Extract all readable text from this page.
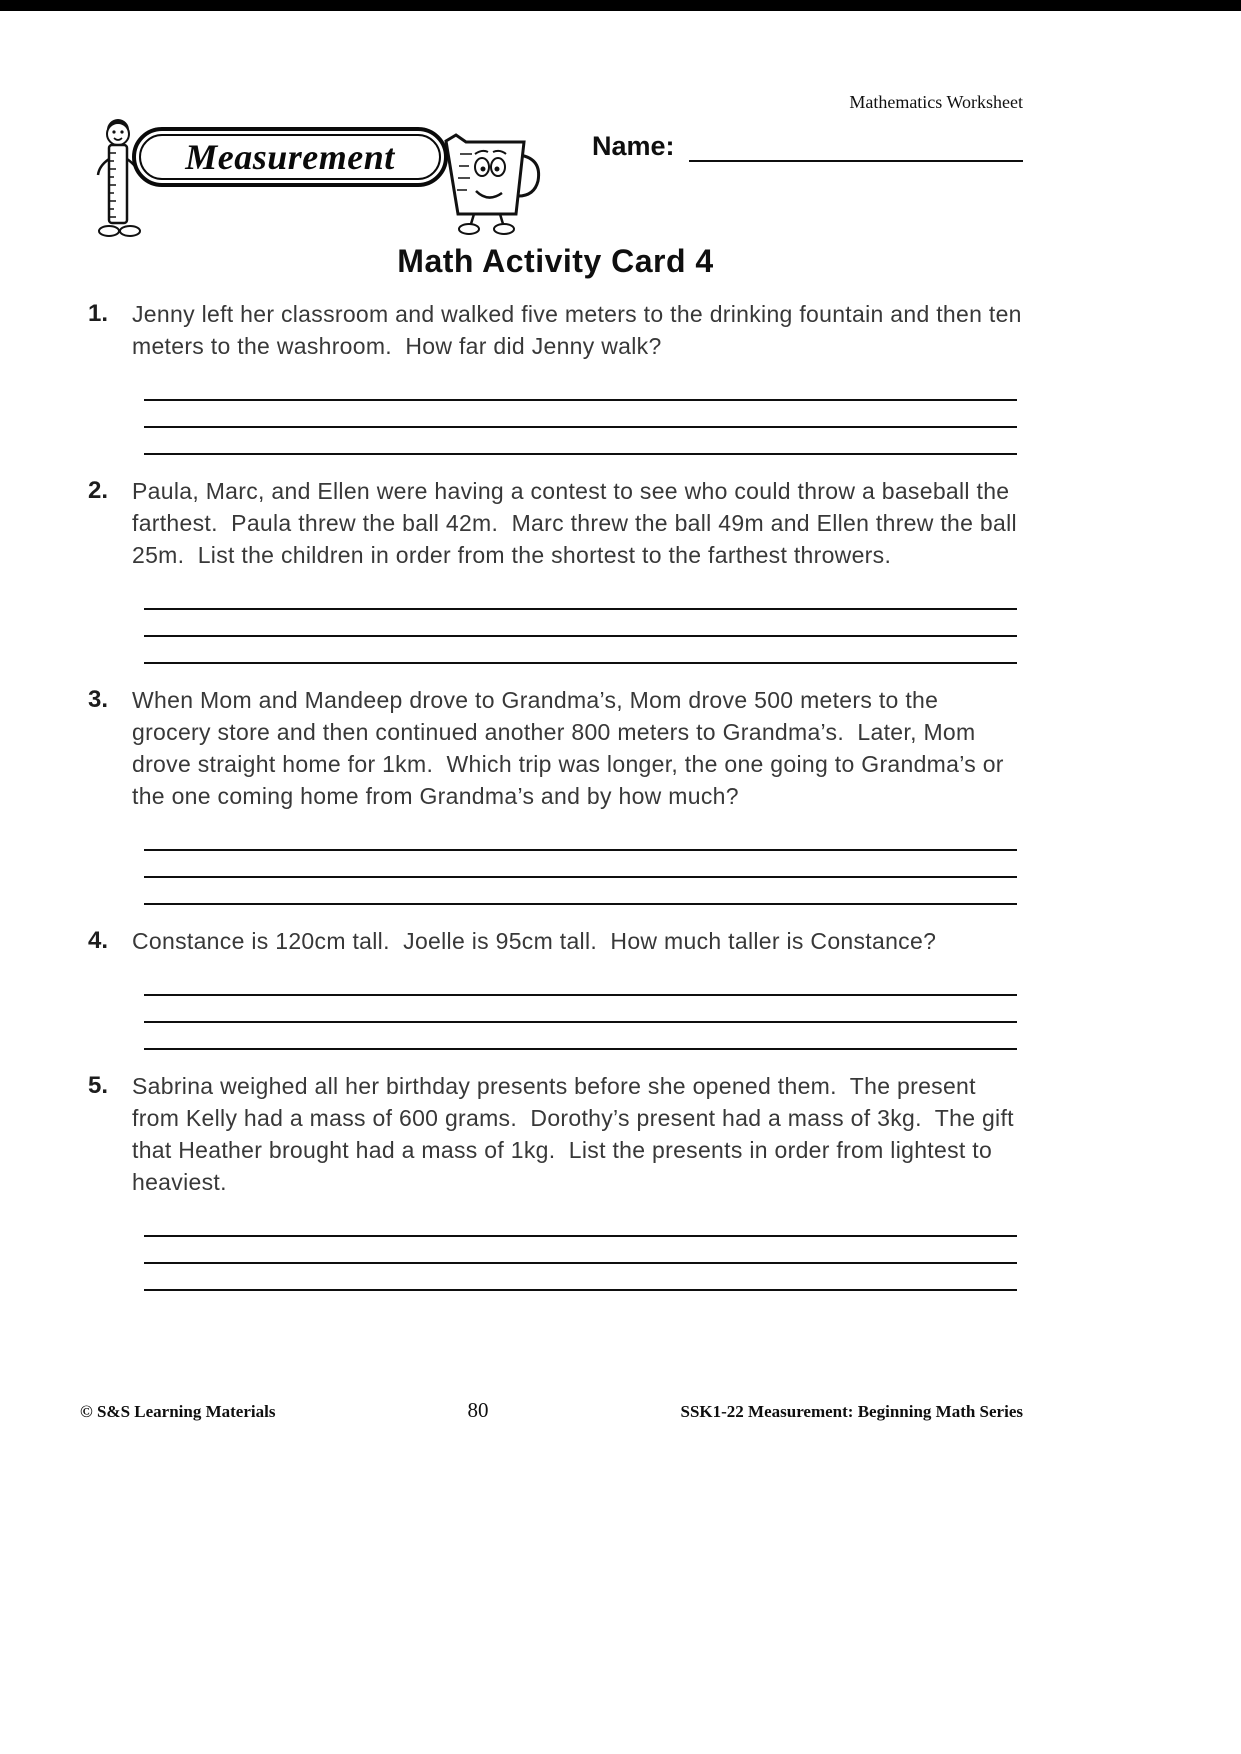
Mathematics Worksheet
Measurement	Name:
Math Activity Card 4
1.	Jenny left her classroom and walked five meters to the drinking fountain and then ten meters to the washroom.  How far did Jenny walk?
2.	Paula, Marc, and Ellen were having a contest to see who could throw a baseball the farthest.  Paula threw the ball 42m.  Marc threw the ball 49m and Ellen threw the ball 25m.  List the children in order from the shortest to the farthest throwers.
3.	When Mom and Mandeep drove to Grandma’s, Mom drove 500 meters to the grocery store and then continued another 800 meters to Grandma’s.  Later, Mom drove straight home for 1km.  Which trip was longer, the one going to Grandma’s or the one coming home from Grandma’s and by how much?
4.	Constance is 120cm tall.  Joelle is 95cm tall.  How much taller is Constance?
5.	Sabrina weighed all her birthday presents before she opened them.  The present from Kelly had a mass of 600 grams.  Dorothy’s present had a mass of 3kg.  The gift that Heather brought had a mass of 1kg.  List the presents in order from lightest to heaviest.
© S&S Learning Materials	80	SSK1-22 Measurement: Beginning Math Series
